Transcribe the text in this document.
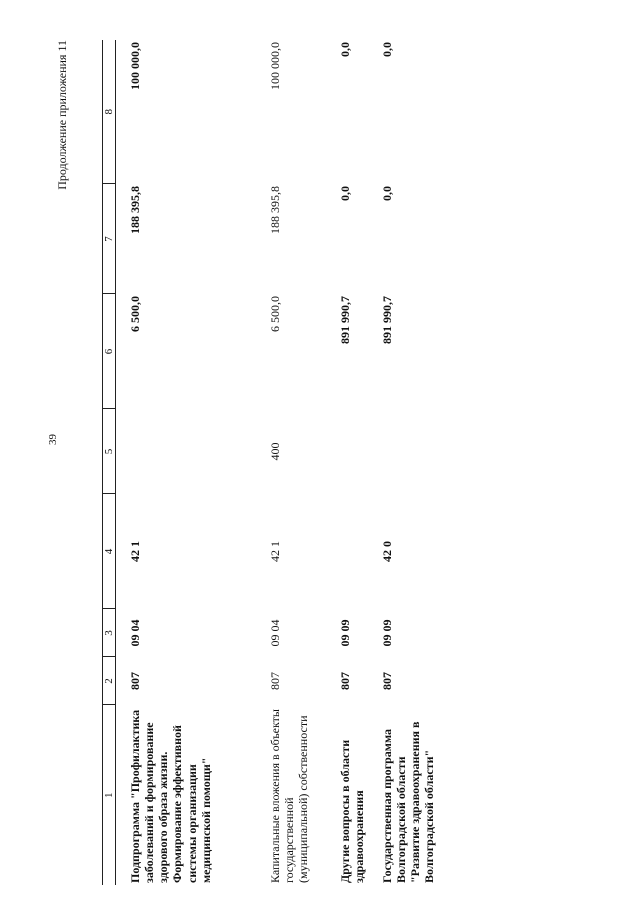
39
Продолжение приложения 11
1	2	3	4	5	6	7	8

Подпрограмма "Профилактика заболеваний и формирование здорового образа жизни. Формирование эффективной системы организации медицинской помощи"	807	09 04	42 1		6 500,0	188 395,8	100 000,0
Капитальные вложения в объекты государственной (муниципальной) собственности	807	09 04	42 1	400	6 500,0	188 395,8	100 000,0
Другие вопросы в области здравоохранения	807	09 09			891 990,7	0,0	0,0
Государственная программа Волгоградской области "Развитие здравоохранения в Волгоградской области"	807	09 09	42 0		891 990,7	0,0	0,0
